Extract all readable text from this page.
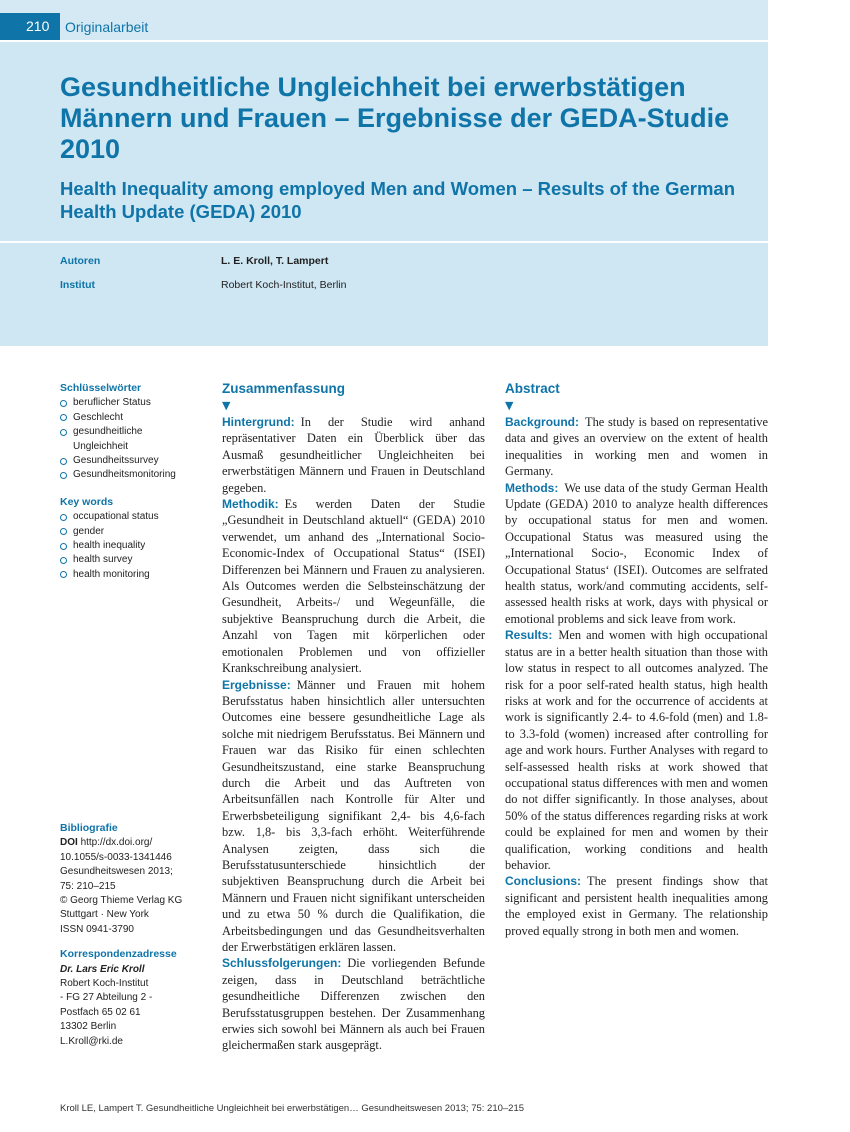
210	Originalarbeit
Gesundheitliche Ungleichheit bei erwerbstätigen Männern und Frauen – Ergebnisse der GEDA-Studie 2010
Health Inequality among employed Men and Women – Results of the German Health Update (GEDA) 2010
Autoren	L. E. Kroll, T. Lampert
Institut	Robert Koch-Institut, Berlin
Schlüsselwörter
beruflicher Status
Geschlecht
gesundheitliche Ungleichheit
Gesundheitssurvey
Gesundheitsmonitoring
Key words
occupational status
gender
health inequality
health survey
health monitoring
Bibliografie
DOI http://dx.doi.org/
10.1055/s-0033-1341446
Gesundheitswesen 2013;
75: 210–215
© Georg Thieme Verlag KG
Stuttgart · New York
ISSN 0941-3790
Korrespondenzadresse
Dr. Lars Eric Kroll
Robert Koch-Institut
- FG 27 Abteilung 2 -
Postfach 65 02 61
13302 Berlin
L.Kroll@rki.de
Zusammenfassung
▼

Hintergrund: In der Studie wird anhand repräsentativer Daten ein Überblick über das Ausmaß gesundheitlicher Ungleichheiten bei erwerbstätigen Männern und Frauen in Deutschland gegeben.

Methodik: Es werden Daten der Studie „Gesundheit in Deutschland aktuell“ (GEDA) 2010 verwendet, um anhand des „International Socio-Economic-Index of Occupational Status“ (ISEI) Differenzen bei Männern und Frauen zu analysieren. Als Outcomes werden die Selbsteinschätzung der Gesundheit, Arbeits-/ und Wegeunfälle, die subjektive Beanspruchung durch die Arbeit, die Anzahl von Tagen mit körperlichen oder emotionalen Problemen und von offizieller Krankschreibung analysiert.

Ergebnisse: Männer und Frauen mit hohem Berufsstatus haben hinsichtlich aller untersuchten Outcomes eine bessere gesundheitliche Lage als solche mit niedrigem Berufsstatus. Bei Männern und Frauen war das Risiko für einen schlechten Gesundheitszustand, eine starke Beanspruchung durch die Arbeit und das Auftreten von Arbeitsunfällen nach Kontrolle für Alter und Erwerbsbeteiligung signifikant 2,4- bis 4,6-fach bzw. 1,8- bis 3,3-fach erhöht. Weiterführende Analysen zeigten, dass sich die Berufsstatusunterschiede hinsichtlich der subjektiven Beanspruchung durch die Arbeit bei Männern und Frauen nicht signifikant unterscheiden und zu etwa 50 % durch die Qualifikation, die Arbeitsbedingungen und das Gesundheitsverhalten der Erwerbstätigen erklären lassen.

Schlussfolgerungen: Die vorliegenden Befunde zeigen, dass in Deutschland beträchtliche gesundheitliche Differenzen zwischen den Berufsstatusgruppen bestehen. Der Zusammenhang erwies sich sowohl bei Männern als auch bei Frauen gleichermaßen stark ausgeprägt.

Abstract
▼

Background: The study is based on representative data and gives an overview on the extent of health inequalities in working men and women in Germany.

Methods: We use data of the study German Health Update (GEDA) 2010 to analyze health differences by occupational status for men and women. Occupational Status was measured using the „International Socio-, Economic Index of Occupational Status‘ (ISEI). Outcomes are selfrated health status, work/and commuting accidents, self-assessed health risks at work, days with physical or emotional problems and sick leave from work.

Results: Men and women with high occupational status are in a better health situation than those with low status in respect to all outcomes analyzed. The risk for a poor self-rated health status, high health risks at work and for the occurrence of accidents at work is significantly 2.4- to 4.6-fold (men) and 1.8- to 3.3-fold (women) increased after controlling for age and work hours. Further Analyses with regard to self-assessed health risks at work showed that occupational status differences with men and women do not differ significantly. In those analyses, about 50% of the status differences regarding risks at work could be explained for men and women by their qualification, working conditions and health behavior.

Conclusions: The present findings show that significant and persistent health inequalities among the employed exist in Germany. The relationship proved equally strong in both men and women.

Kroll LE, Lampert T. Gesundheitliche Ungleichheit bei erwerbstätigen… Gesundheitswesen 2013; 75: 210–215
